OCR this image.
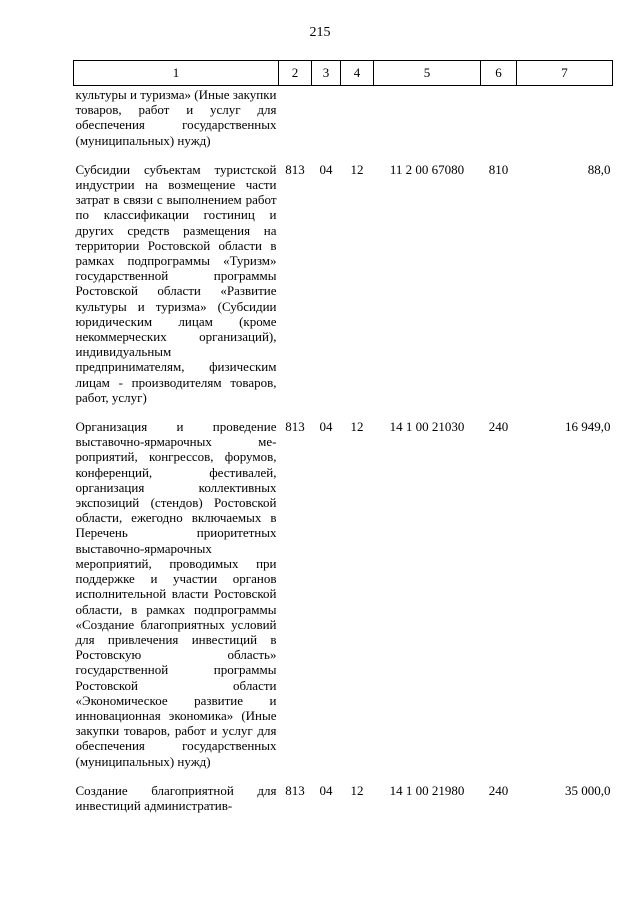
215
1	2	3	4	5	6	7
культуры и туризма» (Иные закупки товаров, работ и услуг для обеспечения государственных (муниципальных) нужд)						
Субсидии субъектам туристской индустрии на возмещение части затрат в связи с выполнением работ по классификации гостиниц и других средств размещения на территории Ростовской области в рамках подпрограммы «Туризм» государственной программы Ростовской области «Развитие культуры и туризма» (Субсидии юридическим лицам (кроме некоммерческих организаций), индивидуальным предпринимателям, физическим лицам - производителям товаров, работ, услуг)	813	04	12	11 2 00 67080	810	88,0
Организация и проведение выставочно-ярмарочных мероприятий, конгрессов, форумов, конференций, фестивалей, организация коллективных экспозиций (стендов) Ростовской области, ежегодно включаемых в Перечень приоритетных выставочно-ярмарочных мероприятий, проводимых при поддержке и участии органов исполнительной власти Ростовской области, в рамках подпрограммы «Создание благоприятных условий для привлечения инвестиций в Ростовскую область» государственной программы Ростовской области «Экономическое развитие и инновационная экономика» (Иные закупки товаров, работ и услуг для обеспечения государственных (муниципальных) нужд)	813	04	12	14 1 00 21030	240	16 949,0
Создание благоприятной для инвестиций административ-	813	04	12	14 1 00 21980	240	35 000,0
